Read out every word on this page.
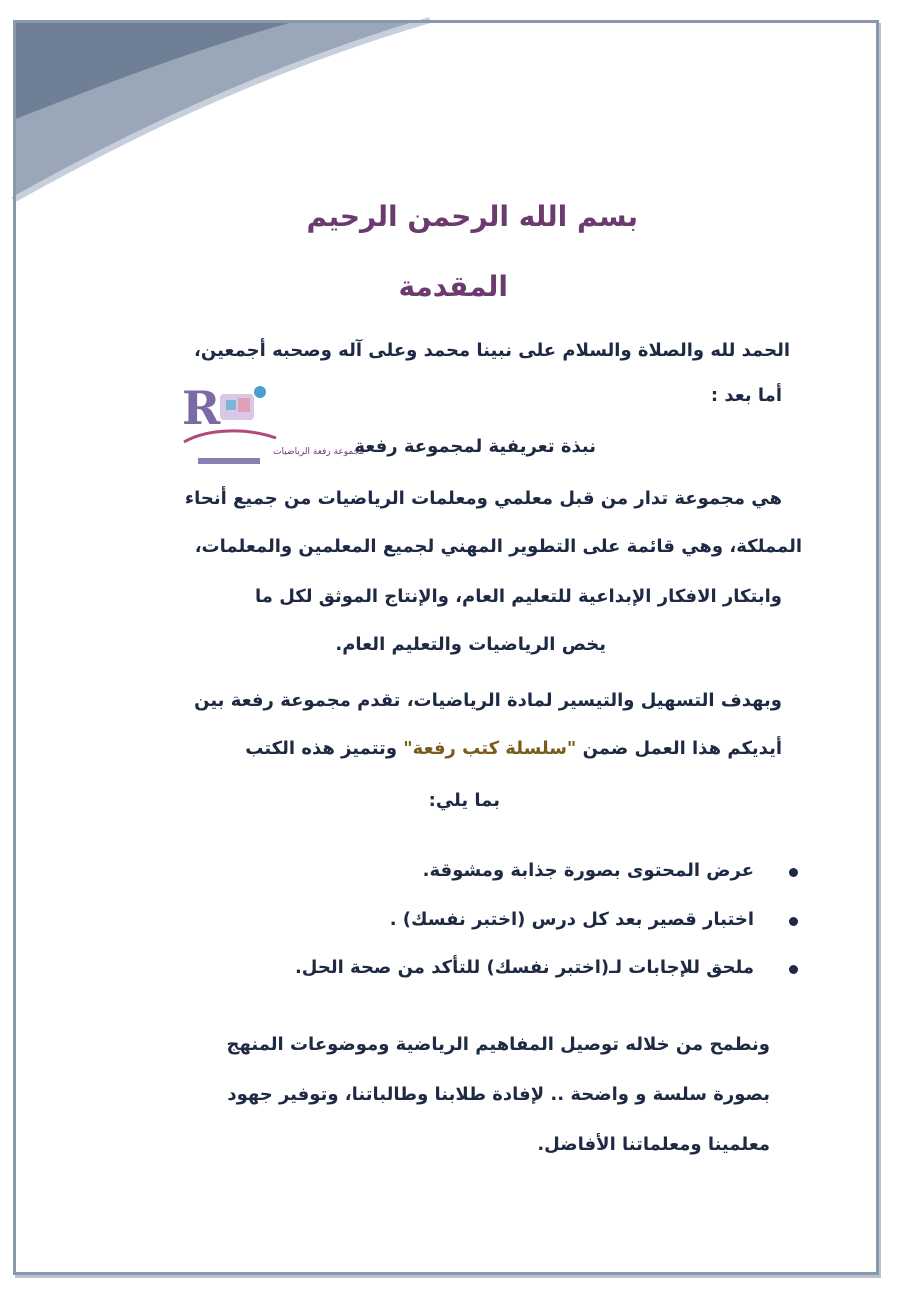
بسم الله الرحمن الرحيم
المقدمة
الحمد لله والصلاة والسلام على نبينا محمد وعلى آله وصحبه أجمعين،
أما بعد :
R
مجموعة رفعة الرياضيات
نبذة تعريفية لمجموعة رفعة
هي مجموعة تدار من قبل معلمي ومعلمات الرياضيات من جميع أنحاء
المملكة، وهي قائمة على التطوير المهني لجميع المعلمين والمعلمات،
وابتكار الافكار الإبداعية للتعليم العام، والإنتاج الموثق لكل ما
يخص الرياضيات والتعليم العام.
وبهدف التسهيل والتيسير لمادة الرياضيات، تقدم مجموعة رفعة بين
أيديكم هذا العمل ضمن "سلسلة كتب رفعة" وتتميز هذه الكتب
بما يلي:
عرض المحتوى بصورة جذابة ومشوقة.
اختبار قصير بعد كل درس (اختبر نفسك) .
ملحق للإجابات لـ(اختبر نفسك) للتأكد من صحة الحل.
ونطمح من خلاله توصيل المفاهيم الرياضية وموضوعات المنهج
بصورة سلسة و واضحة .. لإفادة طلابنا وطالباتنا، وتوفير جهود
معلمينا ومعلماتنا الأفاضل.
